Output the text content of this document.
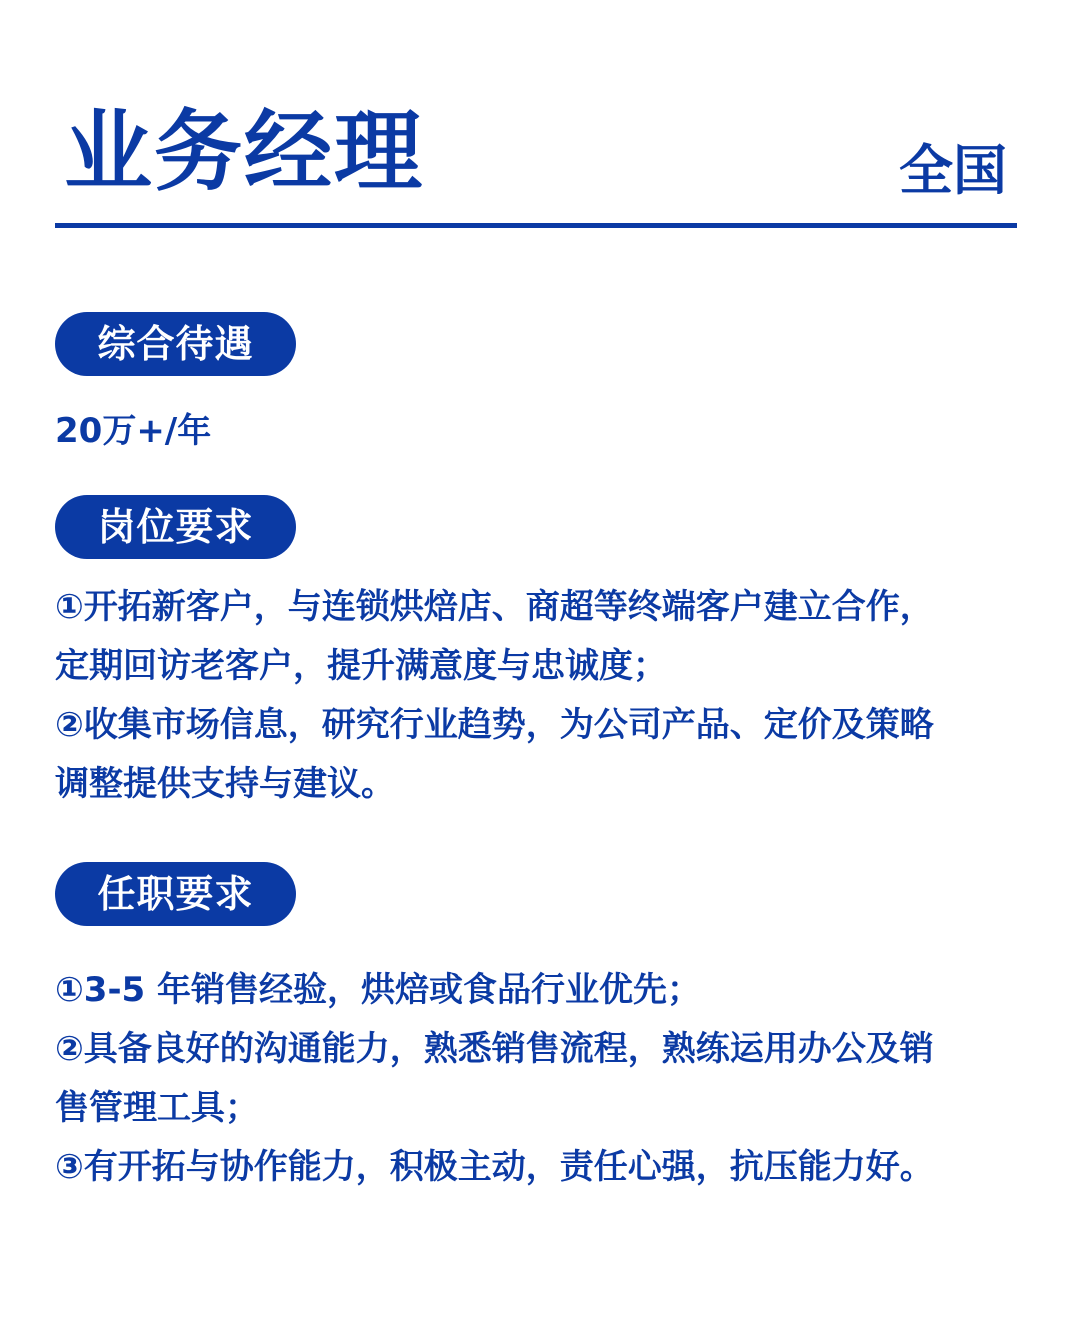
业务经理	全国
综合待遇
20万+/年
岗位要求
①开拓新客户，与连锁烘焙店、商超等终端客户建立合作，
定期回访老客户，提升满意度与忠诚度；
②收集市场信息，研究行业趋势，为公司产品、定价及策略
调整提供支持与建议。
任职要求
①3-5 年销售经验，烘焙或食品行业优先；
②具备良好的沟通能力，熟悉销售流程，熟练运用办公及销
售管理工具；
③有开拓与协作能力，积极主动，责任心强，抗压能力好。
